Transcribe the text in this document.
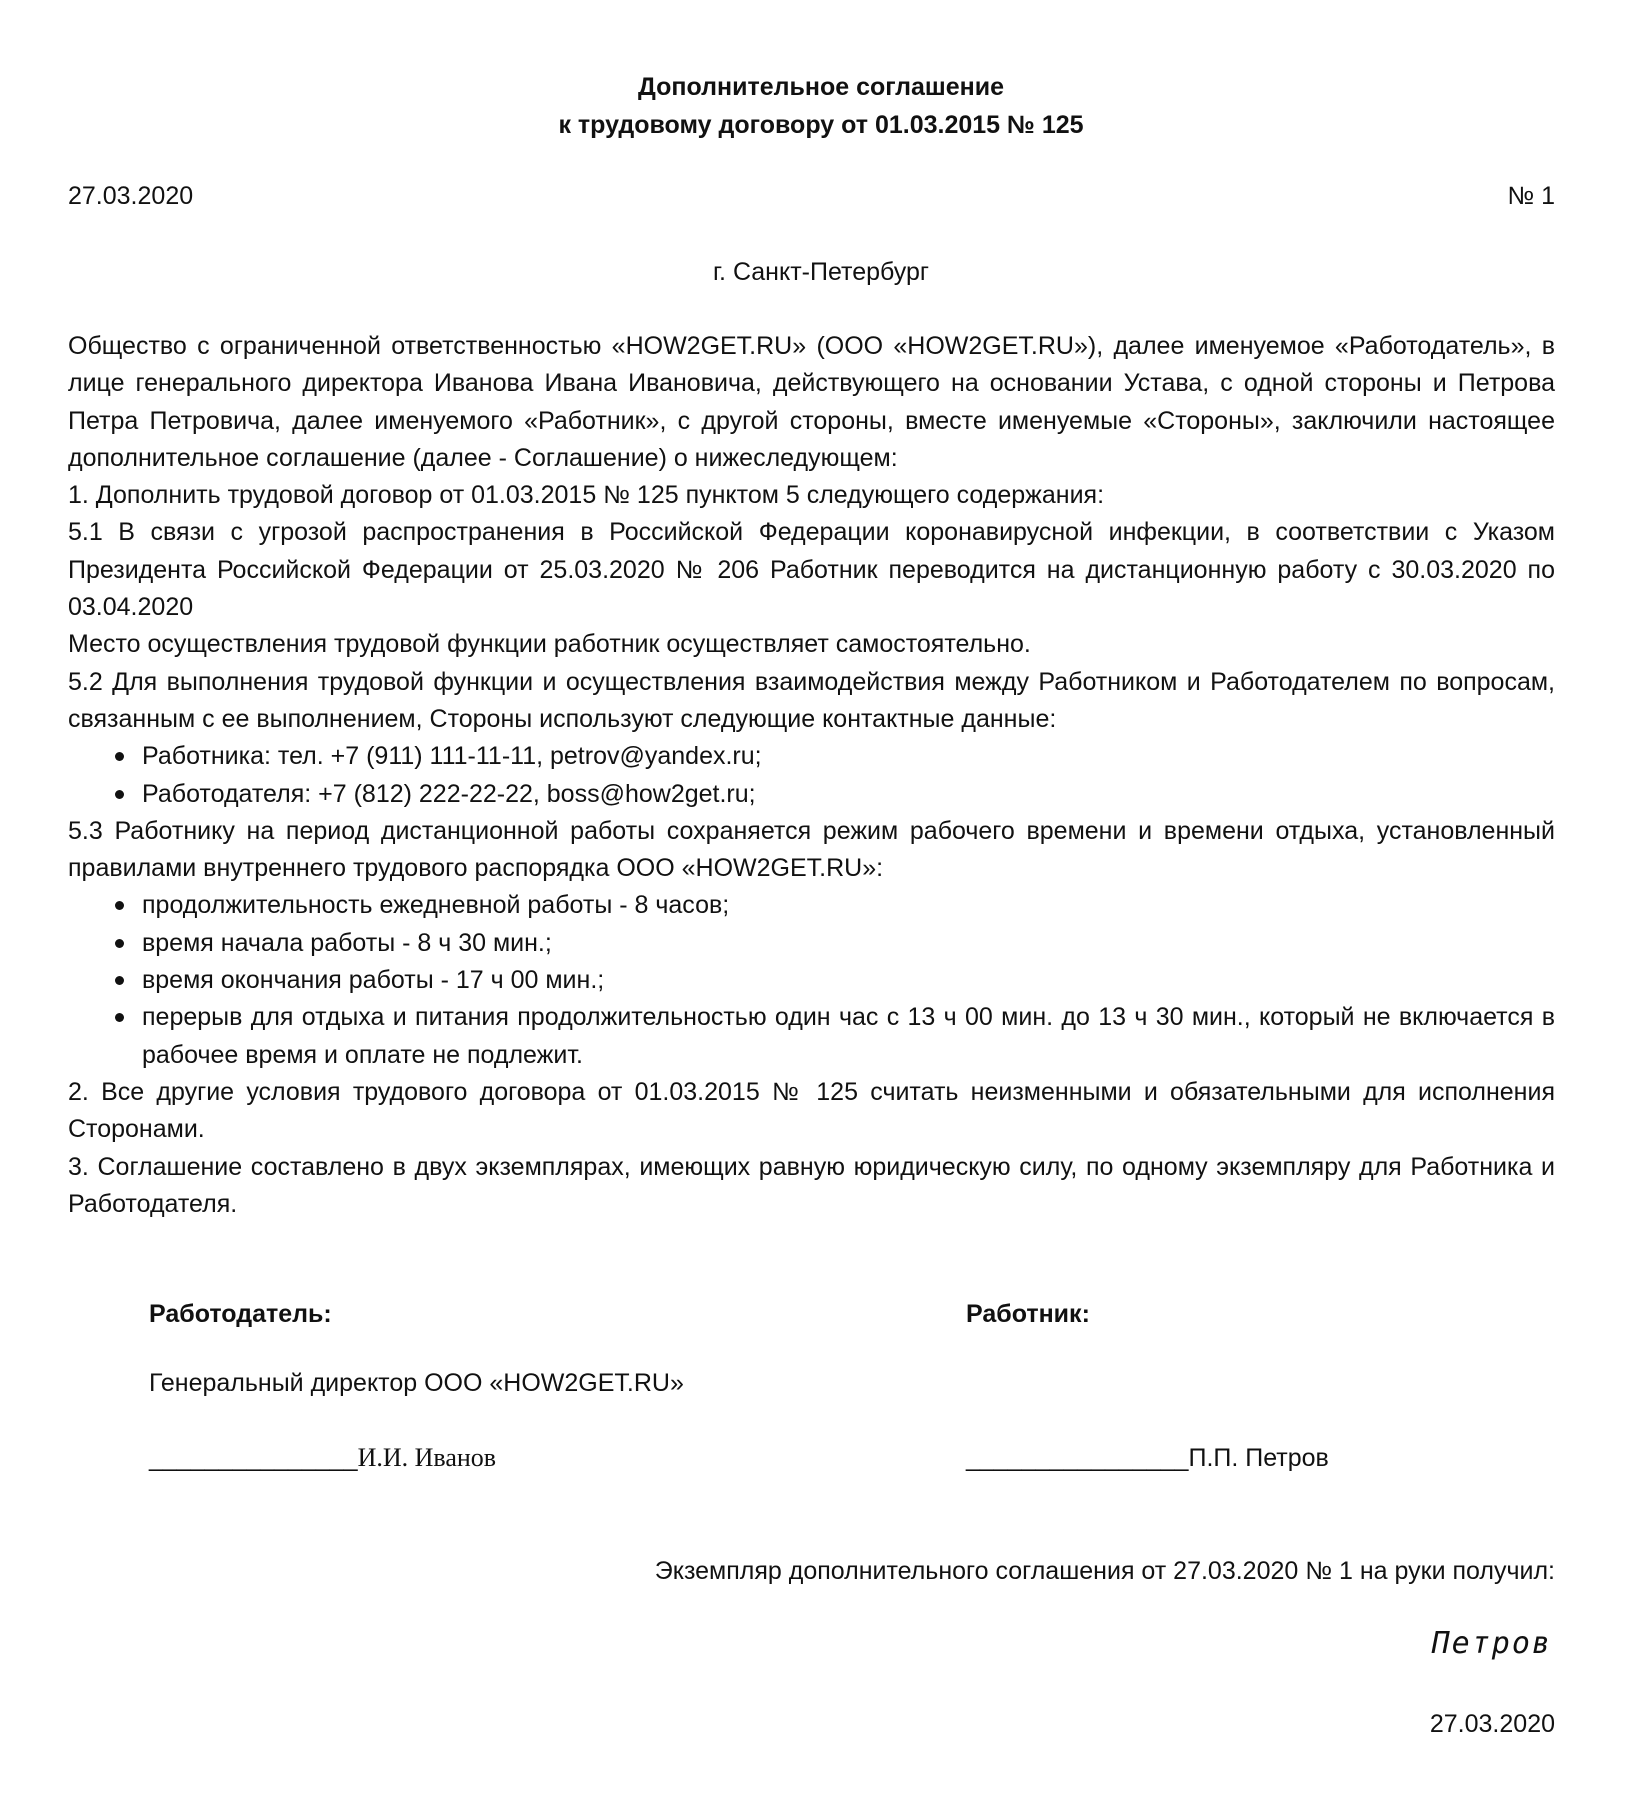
Дополнительное соглашение
к трудовому договору от 01.03.2015 № 125
27.03.2020	№ 1
г. Санкт-Петербург

Общество с ограниченной ответственностью «HOW2GET.RU» (ООО «HOW2GET.RU»), далее именуемое «Работодатель», в лице генерального директора Иванова Ивана Ивановича, действующего на основании Устава, с одной стороны и Петрова Петра Петровича, далее именуемого «Работник», с другой стороны, вместе именуемые «Стороны», заключили настоящее дополнительное соглашение (далее - Соглашение) о нижеследующем:

1. Дополнить трудовой договор от 01.03.2015 № 125 пунктом 5 следующего содержания:

5.1 В связи с угрозой распространения в Российской Федерации коронавирусной инфекции, в соответствии с Указом Президента Российской Федерации от 25.03.2020 № 206 Работник переводится на дистанционную работу с 30.03.2020 по 03.04.2020

Место осуществления трудовой функции работник осуществляет самостоятельно.

5.2 Для выполнения трудовой функции и осуществления взаимодействия между Работником и Работодателем по вопросам, связанным с ее выполнением, Стороны используют следующие контактные данные:

Работника: тел. +7 (911) 111-11-11, petrov@yandex.ru;
Работодателя: +7 (812) 222-22-22, boss@how2get.ru;

5.3 Работнику на период дистанционной работы сохраняется режим рабочего времени и времени отдыха, установленный правилами внутреннего трудового распорядка ООО «HOW2GET.RU»:

продолжительность ежедневной работы - 8 часов;
время начала работы - 8 ч 30 мин.;
время окончания работы - 17 ч 00 мин.;
перерыв для отдыха и питания продолжительностью один час с 13 ч 00 мин. до 13 ч 30 мин., который не включается в рабочее время и оплате не подлежит.

2. Все другие условия трудового договора от 01.03.2015 № 125 считать неизменными и обязательными для исполнения Сторонами.

3. Соглашение составлено в двух экземплярах, имеющих равную юридическую силу, по одному экземпляру для Работника и Работодателя.

Работодатель:	Работник:
Генеральный директор ООО «HOW2GET.RU»
_______________И.И. Иванов	________________П.П. Петров
Экземпляр дополнительного соглашения от 27.03.2020 № 1 на руки получил:
Петров
27.03.2020
